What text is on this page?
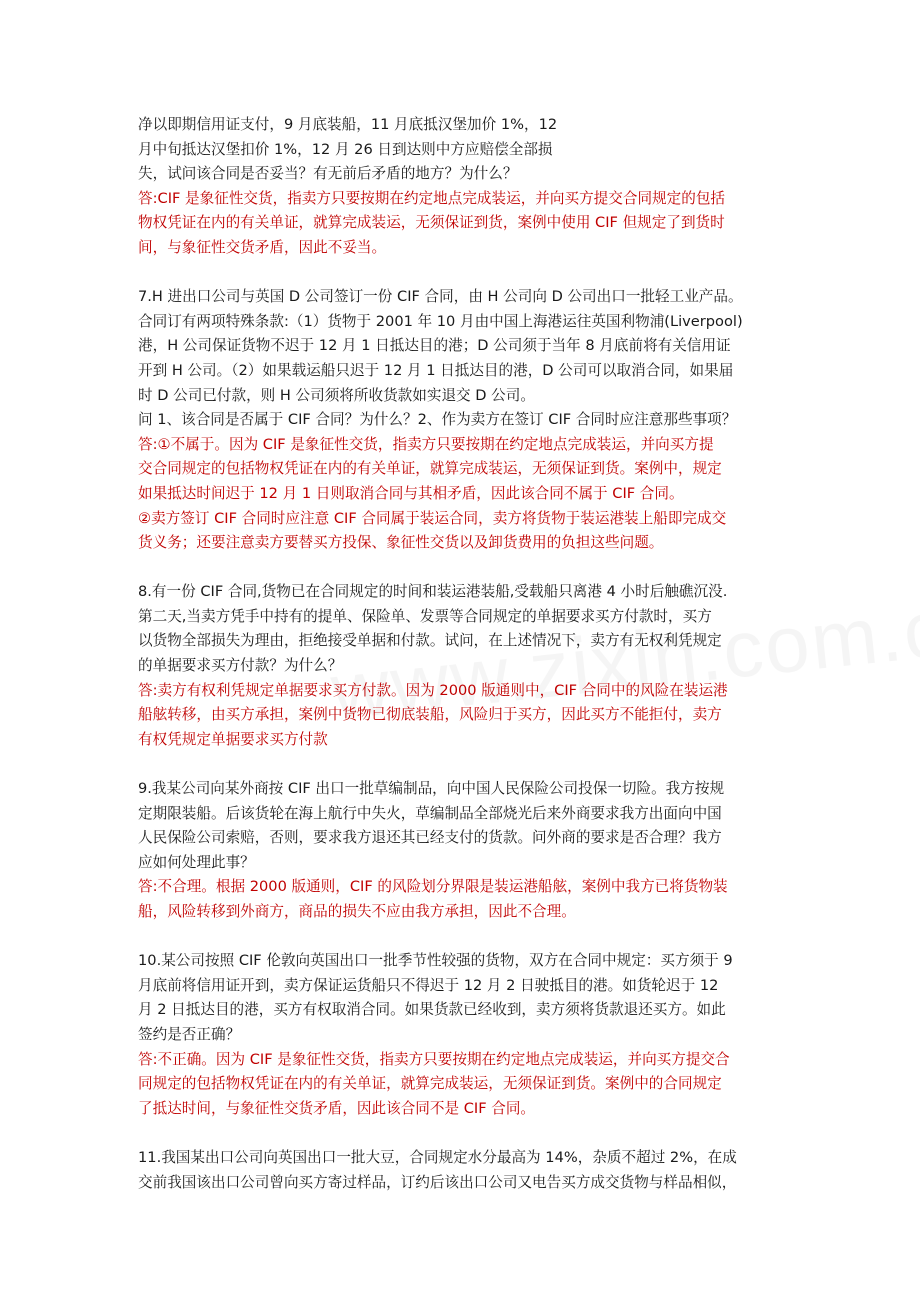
净以即期信用证支付，9 月底装船，11 月底抵汉堡加价 1%，12
月中旬抵达汉堡扣价 1%，12 月 26 日到达则中方应赔偿全部损
失，试问该合同是否妥当？有无前后矛盾的地方？为什么？
答:CIF 是象征性交货，指卖方只要按期在约定地点完成装运，并向买方提交合同规定的包括
物权凭证在内的有关单证，就算完成装运，无须保证到货，案例中使用 CIF 但规定了到货时
间，与象征性交货矛盾，因此不妥当。
7.H 进出口公司与英国 D 公司签订一份 CIF 合同，由 H 公司向 D 公司出口一批轻工业产品。
合同订有两项特殊条款:（1）货物于 2001 年 10 月由中国上海港运往英国利物浦(Liverpool)
港，H 公司保证货物不迟于 12 月 1 日抵达目的港；D 公司须于当年 8 月底前将有关信用证
开到 H 公司。（2）如果载运船只迟于 12 月 1 日抵达目的港，D 公司可以取消合同，如果届
时 D 公司已付款，则 H 公司须将所收货款如实退交 D 公司。
问 1、该合同是否属于 CIF 合同？为什么？2、作为卖方在签订 CIF 合同时应注意那些事项？
答:①不属于。因为 CIF 是象征性交货，指卖方只要按期在约定地点完成装运，并向买方提
交合同规定的包括物权凭证在内的有关单证，就算完成装运，无须保证到货。案例中，规定
如果抵达时间迟于 12 月 1 日则取消合同与其相矛盾，因此该合同不属于 CIF 合同。
②卖方签订 CIF 合同时应注意 CIF 合同属于装运合同，卖方将货物于装运港装上船即完成交
货义务；还要注意卖方要替买方投保、象征性交货以及卸货费用的负担这些问题。
8.有一份 CIF 合同,货物已在合同规定的时间和装运港装船,受载船只离港 4 小时后触礁沉没.
第二天,当卖方凭手中持有的提单、保险单、发票等合同规定的单据要求买方付款时，买方
以货物全部损失为理由，拒绝接受单据和付款。试问，在上述情况下，卖方有无权利凭规定
的单据要求买方付款？为什么？
答:卖方有权利凭规定单据要求买方付款。因为 2000 版通则中，CIF 合同中的风险在装运港
船舷转移，由买方承担，案例中货物已彻底装船，风险归于买方，因此买方不能拒付，卖方
有权凭规定单据要求买方付款
9.我某公司向某外商按 CIF 出口一批草编制品，向中国人民保险公司投保一切险。我方按规
定期限装船。后该货轮在海上航行中失火，草编制品全部烧光后来外商要求我方出面向中国
人民保险公司索赔，否则，要求我方退还其已经支付的货款。问外商的要求是否合理？我方
应如何处理此事？
答:不合理。根据 2000 版通则，CIF 的风险划分界限是装运港船舷，案例中我方已将货物装
船，风险转移到外商方，商品的损失不应由我方承担，因此不合理。
10.某公司按照 CIF 伦敦向英国出口一批季节性较强的货物，双方在合同中规定：买方须于 9
月底前将信用证开到，卖方保证运货船只不得迟于 12 月 2 日驶抵目的港。如货轮迟于 12
月 2 日抵达目的港，买方有权取消合同。如果货款已经收到，卖方须将货款退还买方。如此
签约是否正确？
答:不正确。因为 CIF 是象征性交货，指卖方只要按期在约定地点完成装运，并向买方提交合
同规定的包括物权凭证在内的有关单证，就算完成装运，无须保证到货。案例中的合同规定
了抵达时间，与象征性交货矛盾，因此该合同不是 CIF 合同。
11.我国某出口公司向英国出口一批大豆，合同规定水分最高为 14%，杂质不超过 2%，在成
交前我国该出口公司曾向买方寄过样品，订约后该出口公司又电告买方成交货物与样品相似，
